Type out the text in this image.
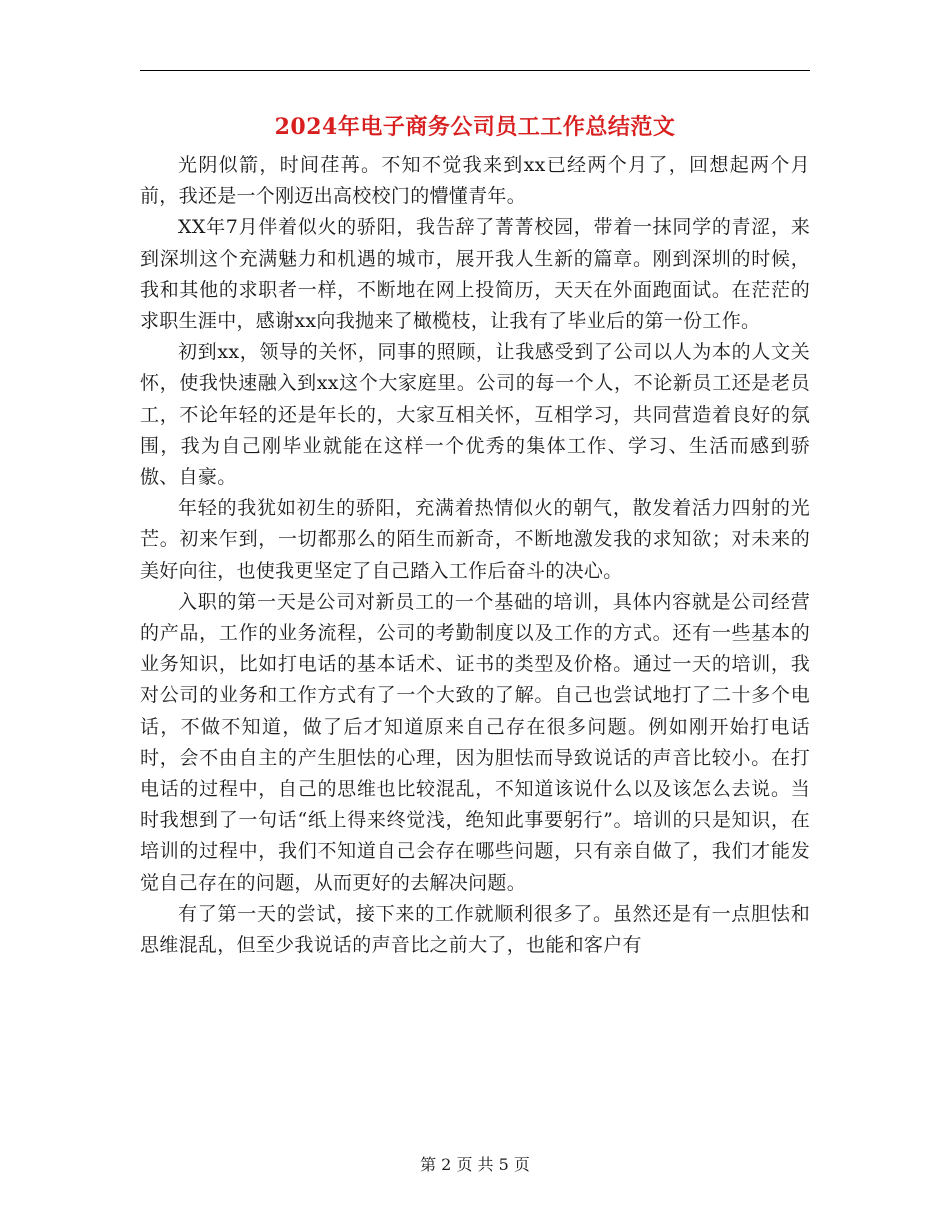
2024年电子商务公司员工工作总结范文

光阴似箭，时间荏苒。不知不觉我来到xx已经两个月了，回想起两个月前，我还是一个刚迈出高校校门的懵懂青年。

XX年7月伴着似火的骄阳，我告辞了菁菁校园，带着一抹同学的青涩，来到深圳这个充满魅力和机遇的城市，展开我人生新的篇章。刚到深圳的时候，我和其他的求职者一样，不断地在网上投简历，天天在外面跑面试。在茫茫的求职生涯中，感谢xx向我抛来了橄榄枝，让我有了毕业后的第一份工作。

初到xx，领导的关怀，同事的照顾，让我感受到了公司以人为本的人文关怀，使我快速融入到xx这个大家庭里。公司的每一个人，不论新员工还是老员工，不论年轻的还是年长的，大家互相关怀，互相学习，共同营造着良好的氛围，我为自己刚毕业就能在这样一个优秀的集体工作、学习、生活而感到骄傲、自豪。

年轻的我犹如初生的骄阳，充满着热情似火的朝气，散发着活力四射的光芒。初来乍到，一切都那么的陌生而新奇，不断地激发我的求知欲；对未来的美好向往，也使我更坚定了自己踏入工作后奋斗的决心。

入职的第一天是公司对新员工的一个基础的培训，具体内容就是公司经营的产品，工作的业务流程，公司的考勤制度以及工作的方式。还有一些基本的业务知识，比如打电话的基本话术、证书的类型及价格。通过一天的培训，我对公司的业务和工作方式有了一个大致的了解。自己也尝试地打了二十多个电话，不做不知道，做了后才知道原来自己存在很多问题。例如刚开始打电话时，会不由自主的产生胆怯的心理，因为胆怯而导致说话的声音比较小。在打电话的过程中，自己的思维也比较混乱，不知道该说什么以及该怎么去说。当时我想到了一句话“纸上得来终觉浅，绝知此事要躬行”。培训的只是知识，在培训的过程中，我们不知道自己会存在哪些问题，只有亲自做了，我们才能发觉自己存在的问题，从而更好的去解决问题。

有了第一天的尝试，接下来的工作就顺利很多了。虽然还是有一点胆怯和思维混乱，但至少我说话的声音比之前大了，也能和客户有

第 2 页 共 5 页
